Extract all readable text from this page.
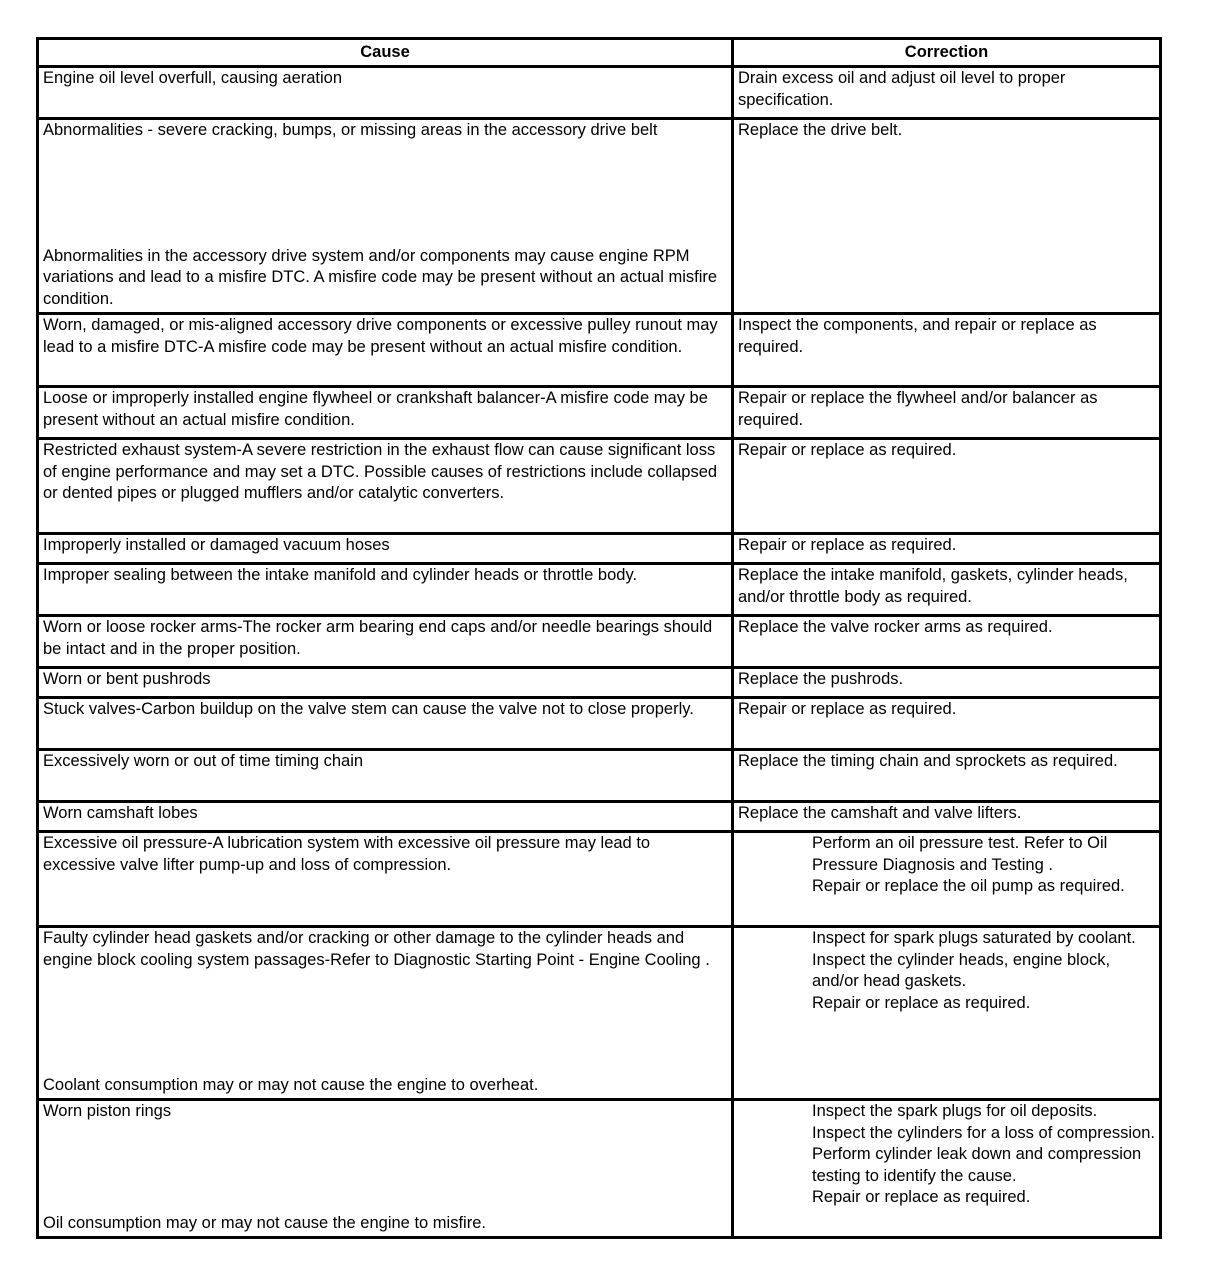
Cause	Correction

Engine oil level overfull, causing aeration	Drain excess oil and adjust oil level to proper specification.

Abnormalities - severe cracking, bumps, or missing areas in the accessory drive belt
Abnormalities in the accessory drive system and/or components may cause engine RPM variations and lead to a misfire DTC. A misfire code may be present without an actual misfire condition.	Replace the drive belt.

Worn, damaged, or mis-aligned accessory drive components or excessive pulley runout may lead to a misfire DTC-A misfire code may be present without an actual misfire condition.	Inspect the components, and repair or replace as required.

Loose or improperly installed engine flywheel or crankshaft balancer-A misfire code may be present without an actual misfire condition.	Repair or replace the flywheel and/or balancer as required.

Restricted exhaust system-A severe restriction in the exhaust flow can cause significant loss of engine performance and may set a DTC. Possible causes of restrictions include collapsed or dented pipes or plugged mufflers and/or catalytic converters.	Repair or replace as required.

Improperly installed or damaged vacuum hoses	Repair or replace as required.

Improper sealing between the intake manifold and cylinder heads or throttle body.	Replace the intake manifold, gaskets, cylinder heads, and/or throttle body as required.

Worn or loose rocker arms-The rocker arm bearing end caps and/or needle bearings should be intact and in the proper position.	Replace the valve rocker arms as required.

Worn or bent pushrods	Replace the pushrods.

Stuck valves-Carbon buildup on the valve stem can cause the valve not to close properly.	Repair or replace as required.

Excessively worn or out of time timing chain	Replace the timing chain and sprockets as required.

Worn camshaft lobes	Replace the camshaft and valve lifters.

Excessive oil pressure-A lubrication system with excessive oil pressure may lead to excessive valve lifter pump-up and loss of compression.	Perform an oil pressure test. Refer to Oil Pressure Diagnosis and Testing .
Repair or replace the oil pump as required.

Faulty cylinder head gaskets and/or cracking or other damage to the cylinder heads and engine block cooling system passages-Refer to Diagnostic Starting Point - Engine Cooling .
Coolant consumption may or may not cause the engine to overheat.	Inspect for spark plugs saturated by coolant. Inspect the cylinder heads, engine block, and/or head gaskets.
Repair or replace as required.

Worn piston rings
Oil consumption may or may not cause the engine to misfire.	Inspect the spark plugs for oil deposits. Inspect the cylinders for a loss of compression. Perform cylinder leak down and compression testing to identify the cause.
Repair or replace as required.
